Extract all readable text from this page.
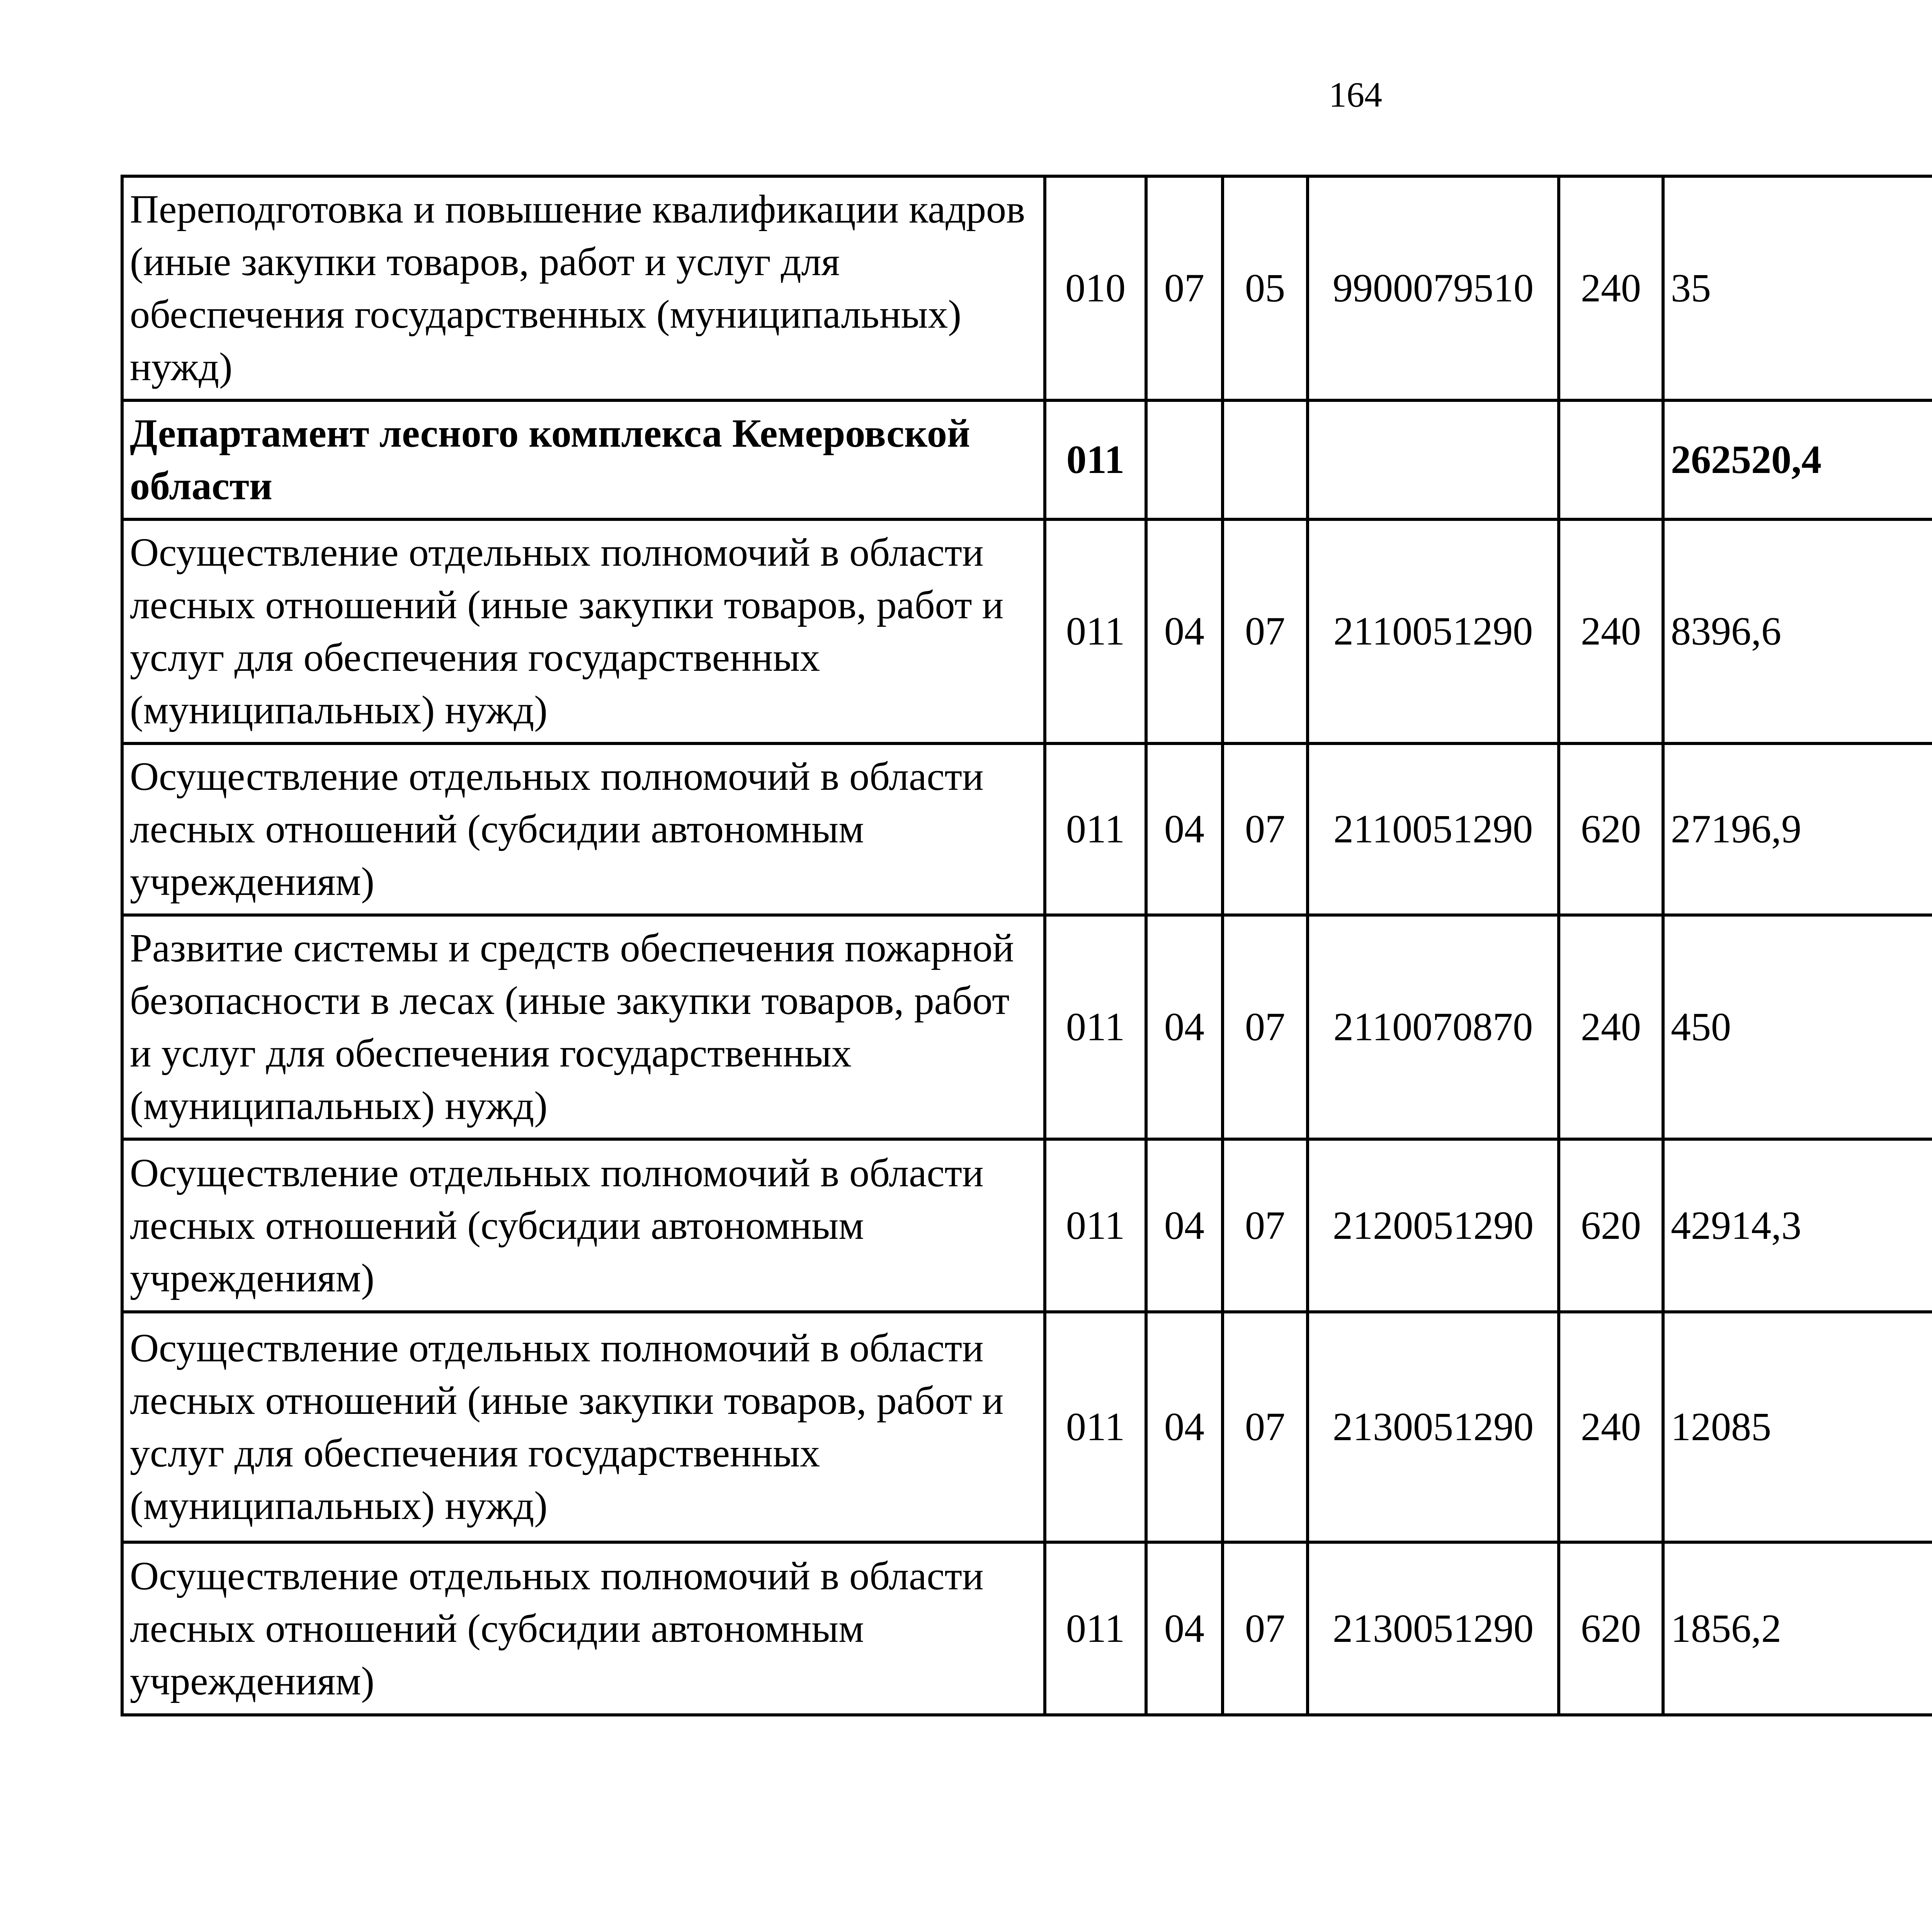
164
Переподготовка и повышение квалификации кадров (иные закупки товаров, работ и услуг для обеспечения государственных (муниципальных) нужд)	010	07	05	9900079510	240	35		
Департамент лесного комплекса Кемеровской области	011					262520,4		
Осуществление отдельных полномочий в области лесных отношений (иные закупки товаров, работ и услуг для обеспечения государственных (муниципальных) нужд)	011	04	07	2110051290	240	8396,6		
Осуществление отдельных полномочий в области лесных отношений (субсидии автономным учреждениям)	011	04	07	2110051290	620	27196,9		
Развитие системы и средств обеспечения пожарной безопасности в лесах (иные закупки товаров, работ и услуг для обеспечения государственных (муниципальных) нужд)	011	04	07	2110070870	240	450		
Осуществление отдельных полномочий в области лесных отношений (субсидии автономным учреждениям)	011	04	07	2120051290	620	42914,3		
Осуществление отдельных полномочий в области лесных отношений (иные закупки товаров, работ и услуг для обеспечения государственных (муниципальных) нужд)	011	04	07	2130051290	240	12085		
Осуществление отдельных полномочий в области лесных отношений (субсидии автономным учреждениям)	011	04	07	2130051290	620	1856,2		
